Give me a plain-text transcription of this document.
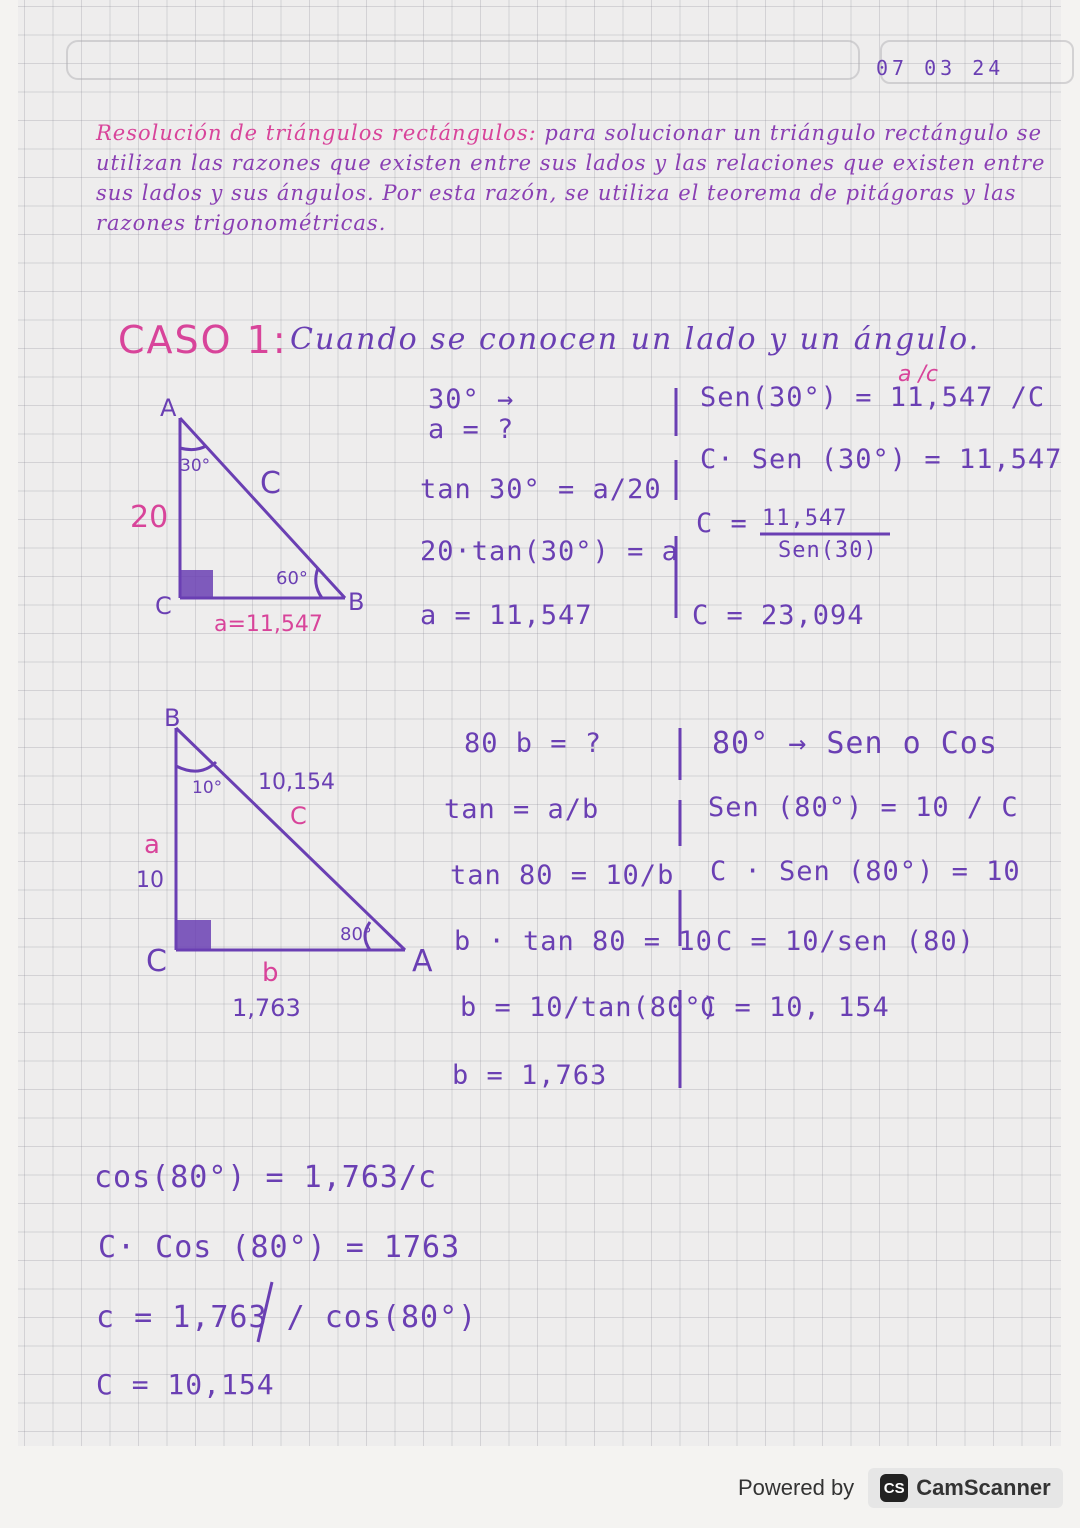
07 03 24
Resolución de triángulos rectángulos: para solucionar un triángulo rectángulo se utilizan las razones que existen entre sus lados y las relaciones que existen entre sus lados y sus ángulos. Por esta razón, se utiliza el teorema de pitágoras y las razones trigonométricas.
CASO 1: Cuando se conocen un lado y un ángulo.
A
30°
20
C
60°
B
C
a=11,547
30° →
a = ?
tan 30° = a/20
20·tan(30°) = a
a = 11,547
a /c
Sen(30°) = 11,547 /C
C· Sen (30°) = 11,547
C = 11,547
Sen(30)
C = 23,094
B
10° 10,154
C
a
10
80°
A
C	b
1,763
80 b = ?
tan = a/b
tan 80 = 10/b
b · tan 80 = 10
b = 10/tan(80°)
b = 1,763
80° → Sen o Cos
Sen (80°) = 10 / C
C · Sen (80°) = 10
C = 10/sen (80)
C = 10, 154
cos(80°) = 1,763/c
C· Cos (80°) = 1763
c = 1,763 / cos(80°)
C = 10,154
Powered by CS CamScanner
